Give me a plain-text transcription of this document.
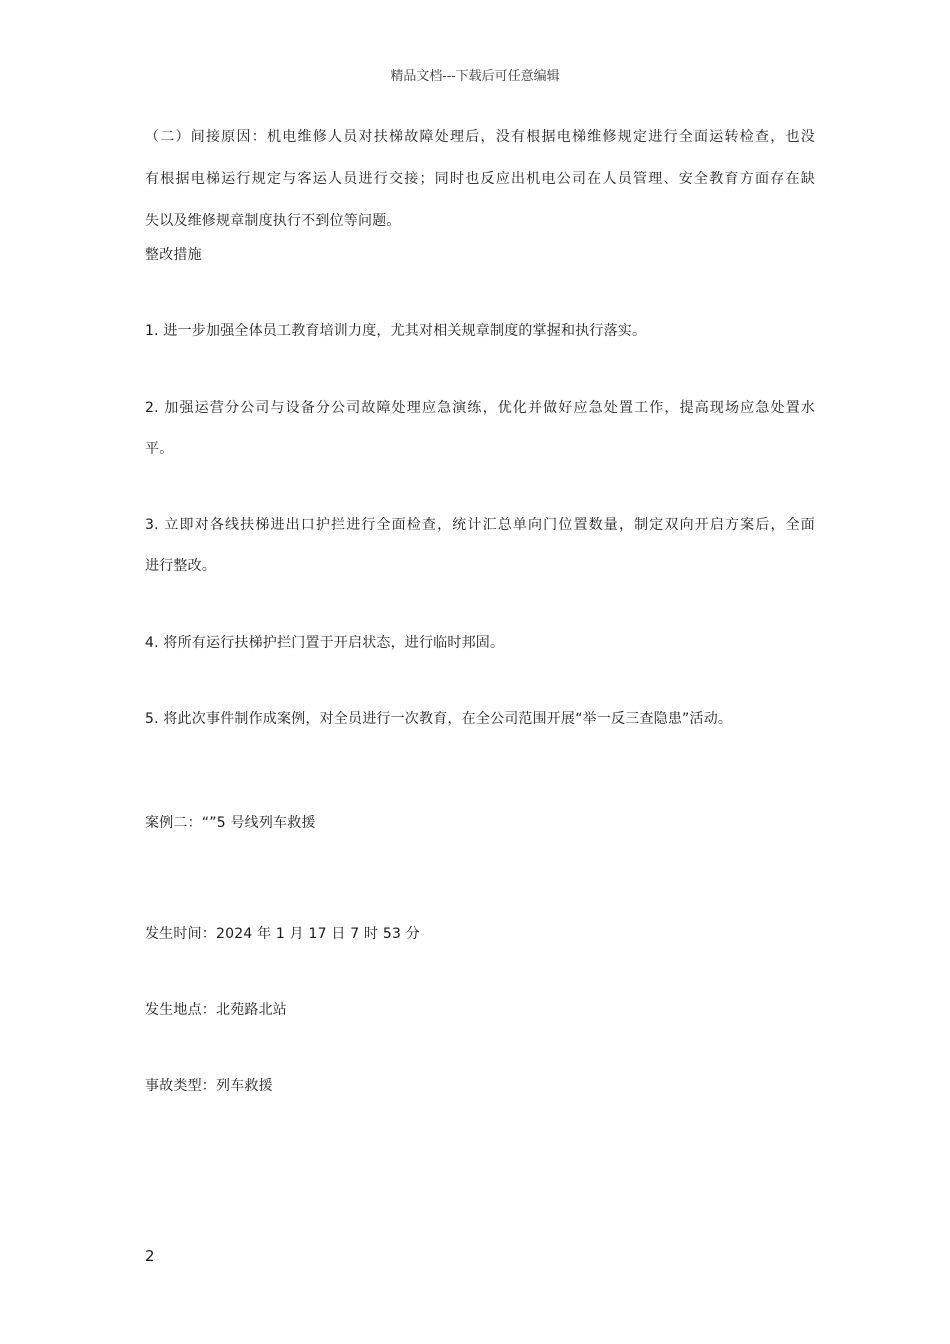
精品文档---下载后可任意编辑
（二）间接原因：机电维修人员对扶梯故障处理后，没有根据电梯维修规定进行全面运转检查，也没
有根据电梯运行规定与客运人员进行交接；同时也反应出机电公司在人员管理、安全教育方面存在缺
失以及维修规章制度执行不到位等问题。
整改措施
1. 进一步加强全体员工教育培训力度，尤其对相关规章制度的掌握和执行落实。
2. 加强运营分公司与设备分公司故障处理应急演练，优化并做好应急处置工作，提高现场应急处置水
平。
3. 立即对各线扶梯进出口护拦进行全面检查，统计汇总单向门位置数量，制定双向开启方案后，全面
进行整改。
4. 将所有运行扶梯护拦门置于开启状态，进行临时邦固。
5. 将此次事件制作成案例，对全员进行一次教育，在全公司范围开展“举一反三查隐患”活动。
案例二：“”5 号线列车救援
发生时间：2024 年 1 月 17 日 7 时 53 分
发生地点：北苑路北站
事故类型：列车救援
2
